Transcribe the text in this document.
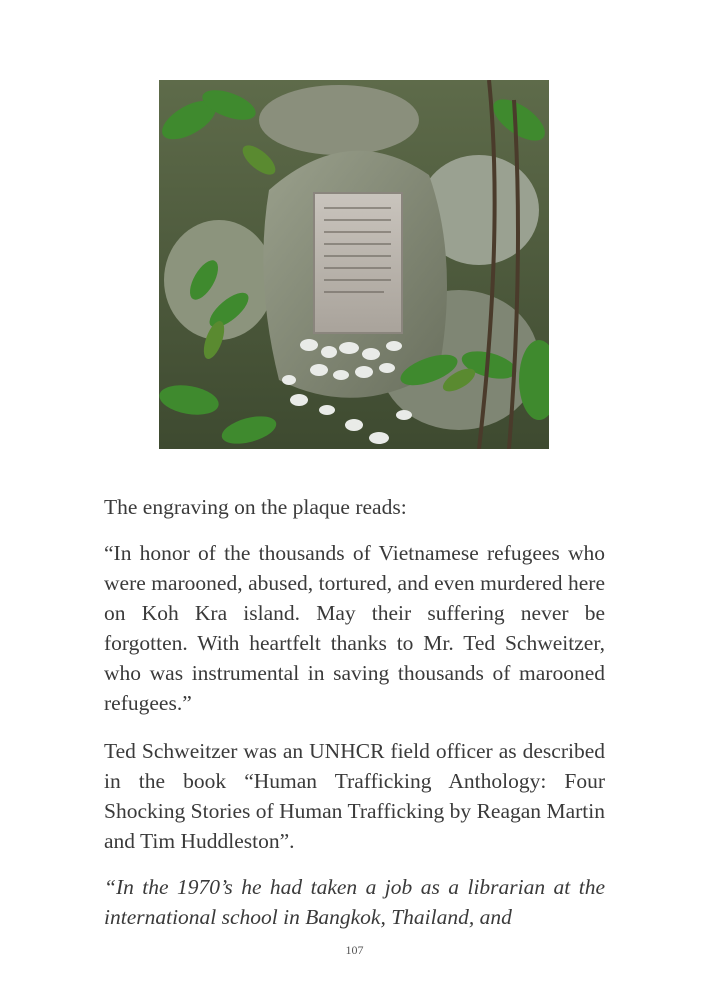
The engraving on the plaque reads:

“In honor of the thousands of Vietnamese refugees who were marooned, abused, tortured, and even murdered here on Koh Kra island. May their suffering never be forgotten. With heartfelt thanks to Mr. Ted Schweitzer, who was instrumental in saving thousands of marooned refugees.”

Ted Schweitzer was an UNHCR field officer as described in the book “Human Trafficking Anthology: Four Shocking Stories of Human Trafficking by Reagan Martin and Tim Huddleston”.

“In the 1970’s he had taken a job as a librarian at the international school in Bangkok, Thailand, and

107
